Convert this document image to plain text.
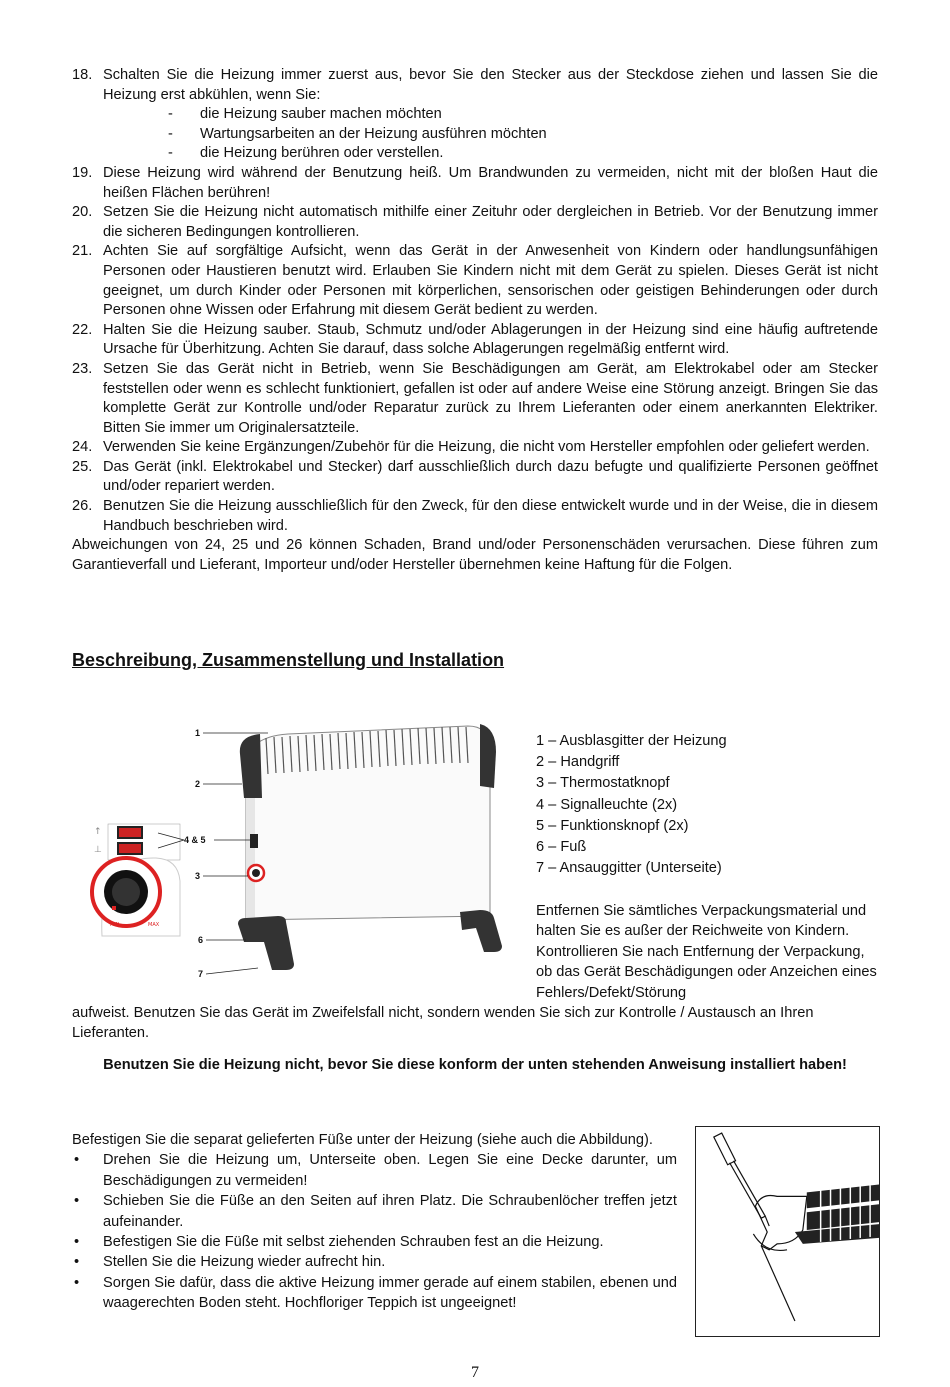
18. Schalten Sie die Heizung immer zuerst aus, bevor Sie den Stecker aus der Steckdose ziehen und lassen Sie die Heizung erst abkühlen, wenn Sie:
- die Heizung sauber machen möchten
- Wartungsarbeiten an der Heizung ausführen möchten
- die Heizung berühren oder verstellen.
19. Diese Heizung wird während der Benutzung heiß. Um Brandwunden zu vermeiden, nicht mit der bloßen Haut die heißen Flächen berühren!
20. Setzen Sie die Heizung nicht automatisch mithilfe einer Zeituhr oder dergleichen in Betrieb. Vor der Benutzung immer die sicheren Bedingungen kontrollieren.
21. Achten Sie auf sorgfältige Aufsicht, wenn das Gerät in der Anwesenheit von Kindern oder handlungsunfähigen Personen oder Haustieren benutzt wird. Erlauben Sie Kindern nicht mit dem Gerät zu spielen. Dieses Gerät ist nicht geeignet, um durch Kinder oder Personen mit körperlichen, sensorischen oder geistigen Behinderungen oder durch Personen ohne Wissen oder Erfahrung mit diesem Gerät bedient zu werden.
22. Halten Sie die Heizung sauber. Staub, Schmutz und/oder Ablagerungen in der Heizung sind eine häufig auftretende Ursache für Überhitzung. Achten Sie darauf, dass solche Ablagerungen regelmäßig entfernt wird.
23. Setzen Sie das Gerät nicht in Betrieb, wenn Sie Beschädigungen am Gerät, am Elektrokabel oder am Stecker feststellen oder wenn es schlecht funktioniert, gefallen ist oder auf andere Weise eine Störung anzeigt. Bringen Sie das komplette Gerät zur Kontrolle und/oder Reparatur zurück zu Ihrem Lieferanten oder einem anerkannten Elektriker. Bitten Sie immer um Originalersatzteile.
24. Verwenden Sie keine Ergänzungen/Zubehör für die Heizung, die nicht vom Hersteller empfohlen oder geliefert werden.
25. Das Gerät (inkl. Elektrokabel und Stecker) darf ausschließlich durch dazu befugte und qualifizierte Personen geöffnet und/oder repariert werden.
26. Benutzen Sie die Heizung ausschließlich für den Zweck, für den diese entwickelt wurde und in der Weise, die in diesem Handbuch beschrieben wird.
Abweichungen von 24, 25 und 26 können Schaden, Brand und/oder Personenschäden verursachen. Diese führen zum Garantieverfall und Lieferant, Importeur und/oder Hersteller übernehmen keine Haftung für die Folgen.
Beschreibung, Zusammenstellung und Installation
↑
⊥
MIN	MAX
1
2
4 & 5
3
6
7
1 – Ausblasgitter der Heizung
2 – Handgriff
3 – Thermostatknopf
4 – Signalleuchte (2x)
5 – Funktionsknopf (2x)
6 – Fuß
7 – Ansauggitter (Unterseite)
Entfernen Sie sämtliches Verpackungsmaterial und halten Sie es außer der Reichweite von Kindern. Kontrollieren Sie nach Entfernung der Verpackung, ob das Gerät Beschädigungen oder Anzeichen eines Fehlers/Defekt/Störung
aufweist. Benutzen Sie das Gerät im Zweifelsfall nicht, sondern wenden Sie sich zur Kontrolle / Austausch an Ihren Lieferanten.
Benutzen Sie die Heizung nicht, bevor Sie diese konform der unten stehenden Anweisung installiert haben!
Befestigen Sie die separat gelieferten Füße unter der Heizung (siehe auch die Abbildung).
• Drehen Sie die Heizung um, Unterseite oben. Legen Sie eine Decke darunter, um Beschädigungen zu vermeiden!
• Schieben Sie die Füße an den Seiten auf ihren Platz. Die Schraubenlöcher treffen jetzt aufeinander.
• Befestigen Sie die Füße mit selbst ziehenden Schrauben fest an die Heizung.
• Stellen Sie die Heizung wieder aufrecht hin.
• Sorgen Sie dafür, dass die aktive Heizung immer gerade auf einem stabilen, ebenen und waagerechten Boden steht. Hochfloriger Teppich ist ungeeignet!
7
